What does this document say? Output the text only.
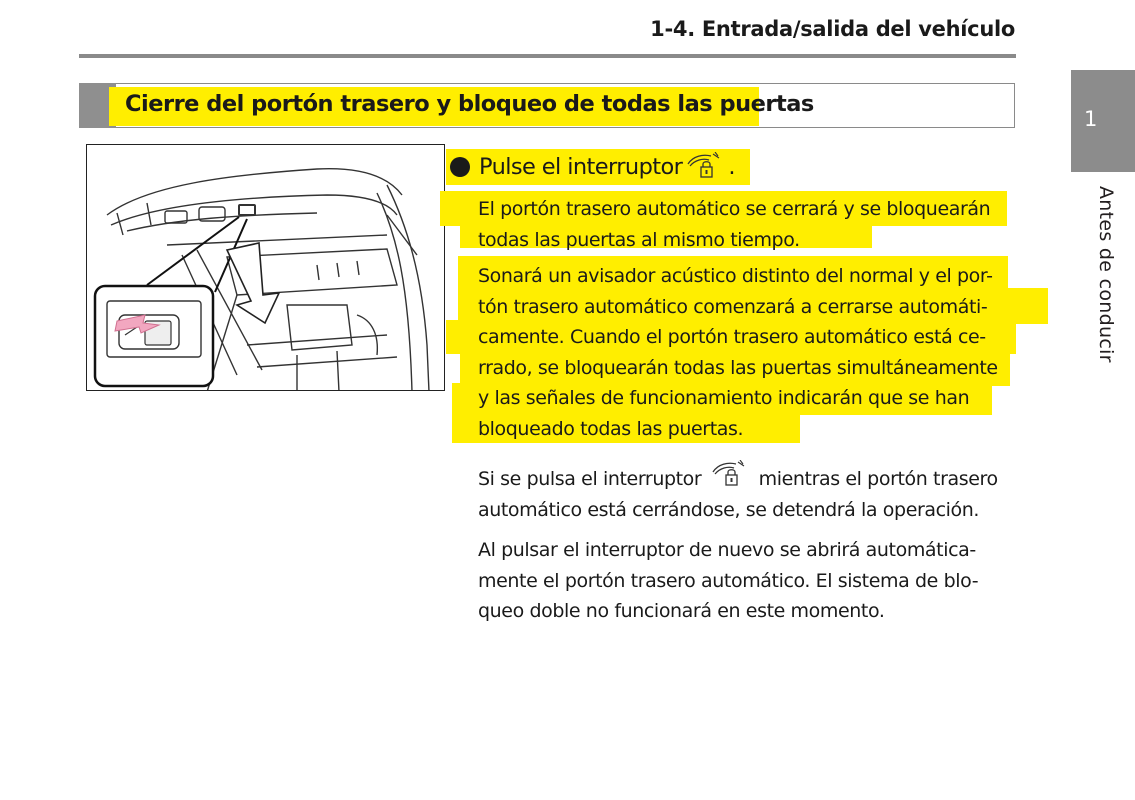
1-4. Entrada/salida del vehículo
1
Antes de conducir
Cierre del portón trasero y bloqueo de todas las puertas
Pulse el interruptor .
El portón trasero automático se cerrará y se bloquearán
todas las puertas al mismo tiempo.
Sonará un avisador acústico distinto del normal y el por-
tón trasero automático comenzará a cerrarse automáti-
camente. Cuando el portón trasero automático está ce-
rrado, se bloquearán todas las puertas simultáneamente
y las señales de funcionamiento indicarán que se han
bloqueado todas las puertas.
Si se pulsa el interruptor	mientras el portón trasero
automático está cerrándose, se detendrá la operación.
Al pulsar el interruptor de nuevo se abrirá automática-
mente el portón trasero automático. El sistema de blo-
queo doble no funcionará en este momento.
